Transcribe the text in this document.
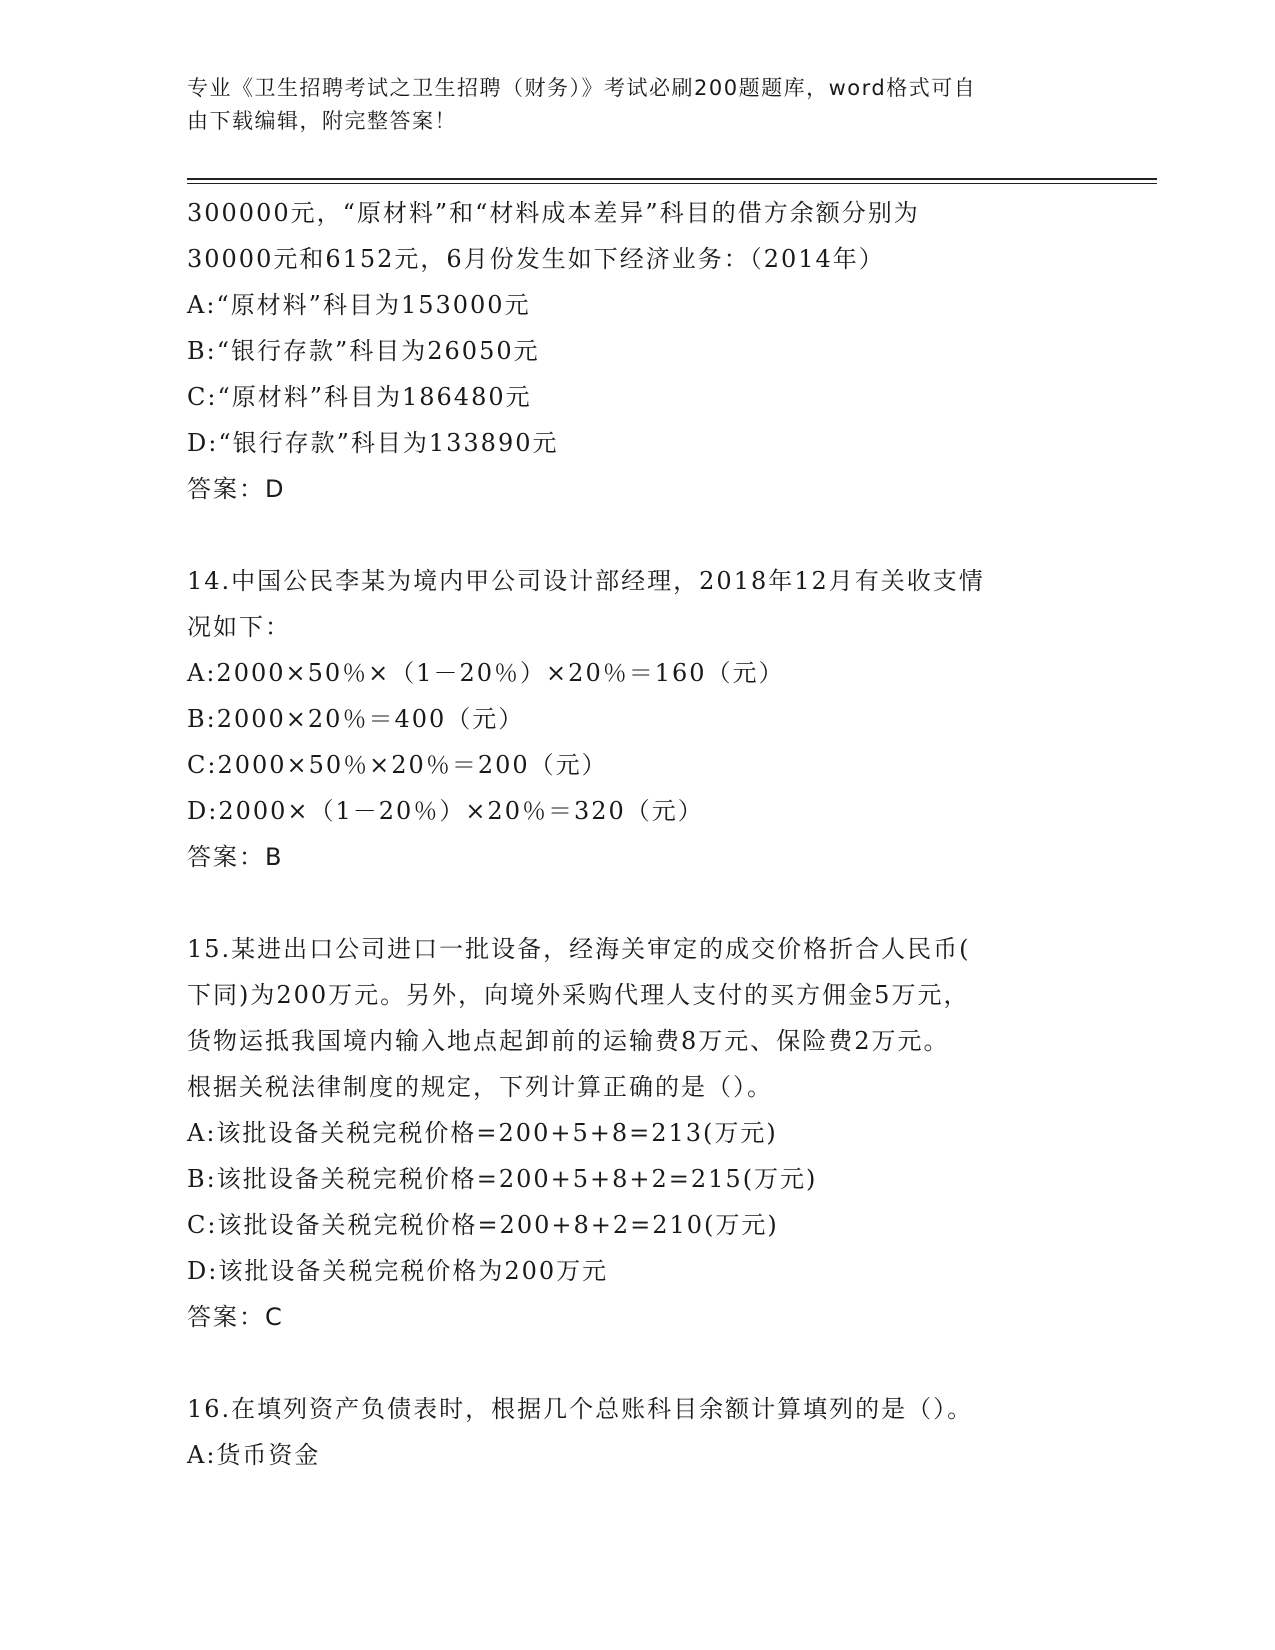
专业《卫生招聘考试之卫生招聘（财务）》考试必刷200题题库，word格式可自
由下载编辑，附完整答案！
300000元，“原材料”和“材料成本差异”科目的借方余额分别为
30000元和6152元，6月份发生如下经济业务：（2014年）
A:“原材料”科目为153000元
B:“银行存款”科目为26050元
C:“原材料”科目为186480元
D:“银行存款”科目为133890元
答案：D
14.中国公民李某为境内甲公司设计部经理，2018年12月有关收支情
况如下：
A:2000×50％×（1－20％）×20％＝160（元）
B:2000×20％＝400（元）
C:2000×50％×20％＝200（元）
D:2000×（1－20％）×20％＝320（元）
答案：B
15.某进出口公司进口一批设备，经海关审定的成交价格折合人民币(
下同)为200万元。另外，向境外采购代理人支付的买方佣金5万元，
货物运抵我国境内输入地点起卸前的运输费8万元、保险费2万元。
根据关税法律制度的规定，下列计算正确的是（）。
A:该批设备关税完税价格=200+5+8=213(万元)
B:该批设备关税完税价格=200+5+8+2=215(万元)
C:该批设备关税完税价格=200+8+2=210(万元)
D:该批设备关税完税价格为200万元
答案：C
16.在填列资产负债表时，根据几个总账科目余额计算填列的是（）。
A:货币资金
